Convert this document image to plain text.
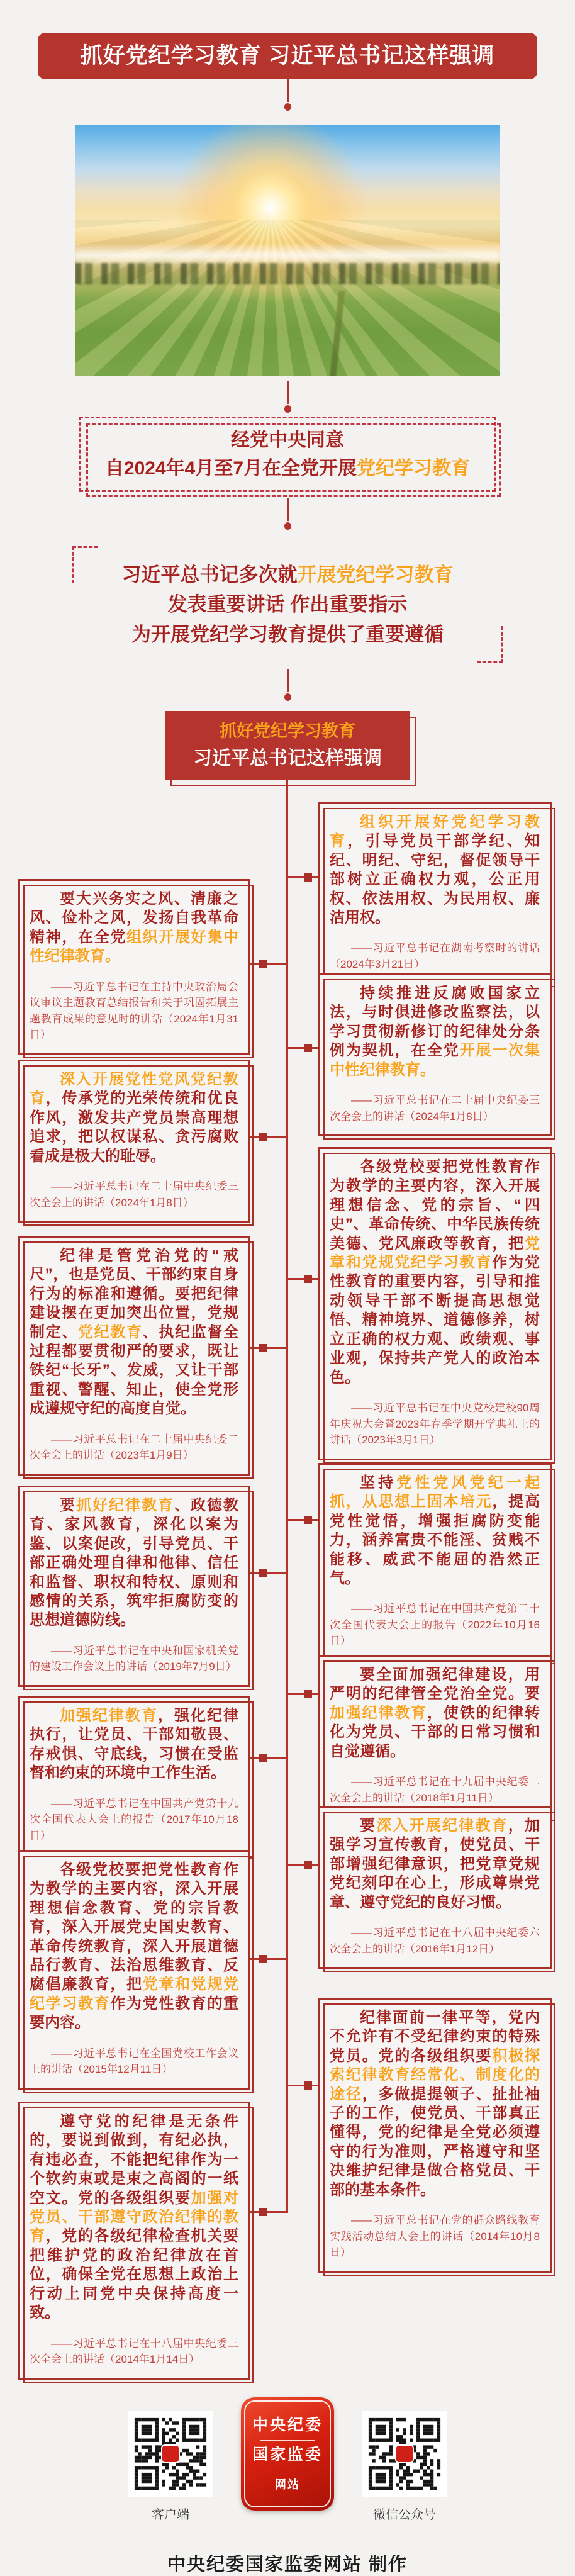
抓好党纪学习教育 习近平总书记这样强调

经党中央同意

自2024年4月至7月在全党开展党纪学习教育

习近平总书记多次就开展党纪学习教育

发表重要讲话 作出重要指示

为开展党纪学习教育提供了重要遵循

抓好党纪学习教育
习近平总书记这样强调

组织开展好党纪学习教育，引导党员干部学纪、知纪、明纪、守纪，督促领导干部树立正确权力观，公正用权、依法用权、为民用权、廉洁用权。

——习近平总书记在湖南考察时的讲话（2024年3月21日）

要大兴务实之风、清廉之风、俭朴之风，发扬自我革命精神，在全党组织开展好集中性纪律教育。

——习近平总书记在主持中央政治局会议审议主题教育总结报告和关于巩固拓展主题教育成果的意见时的讲话（2024年1月31日）

持续推进反腐败国家立法，与时俱进修改监察法，以学习贯彻新修订的纪律处分条例为契机，在全党开展一次集中性纪律教育。

——习近平总书记在二十届中央纪委三次全会上的讲话（2024年1月8日）

深入开展党性党风党纪教育，传承党的光荣传统和优良作风，激发共产党员崇高理想追求，把以权谋私、贪污腐败看成是极大的耻辱。

——习近平总书记在二十届中央纪委三次全会上的讲话（2024年1月8日）

各级党校要把党性教育作为教学的主要内容，深入开展理想信念、党的宗旨、“四史”、革命传统、中华民族传统美德、党风廉政等教育，把党章和党规党纪学习教育作为党性教育的重要内容，引导和推动领导干部不断提高思想觉悟、精神境界、道德修养，树立正确的权力观、政绩观、事业观，保持共产党人的政治本色。

——习近平总书记在中央党校建校90周年庆祝大会暨2023年春季学期开学典礼上的讲话（2023年3月1日）

纪律是管党治党的“戒尺”，也是党员、干部约束自身行为的标准和遵循。要把纪律建设摆在更加突出位置，党规制定、党纪教育、执纪监督全过程都要贯彻严的要求，既让铁纪“长牙”、发威，又让干部重视、警醒、知止，使全党形成遵规守纪的高度自觉。

——习近平总书记在二十届中央纪委二次全会上的讲话（2023年1月9日）

坚持党性党风党纪一起抓，从思想上固本培元，提高党性觉悟，增强拒腐防变能力，涵养富贵不能淫、贫贱不能移、威武不能屈的浩然正气。

——习近平总书记在中国共产党第二十次全国代表大会上的报告（2022年10月16日）

要抓好纪律教育、政德教育、家风教育，深化以案为鉴、以案促改，引导党员、干部正确处理自律和他律、信任和监督、职权和特权、原则和感情的关系，筑牢拒腐防变的思想道德防线。

——习近平总书记在中央和国家机关党的建设工作会议上的讲话（2019年7月9日）	要全面加强纪律建设，用严明的纪律管全党治全党。要加强纪律教育，使铁的纪律转化为党员、干部的日常习惯和自觉遵循。

——习近平总书记在十九届中央纪委二次全会上的讲话（2018年1月11日）

加强纪律教育，强化纪律执行，让党员、干部知敬畏、存戒惧、守底线，习惯在受监督和约束的环境中工作生活。

——习近平总书记在中国共产党第十九次全国代表大会上的报告（2017年10月18日）

要深入开展纪律教育，加强学习宣传教育，使党员、干部增强纪律意识，把党章党规党纪刻印在心上，形成尊崇党章、遵守党纪的良好习惯。

——习近平总书记在十八届中央纪委六次全会上的讲话（2016年1月12日）

各级党校要把党性教育作为教学的主要内容，深入开展理想信念教育、党的宗旨教育，深入开展党史国史教育、革命传统教育，深入开展道德品行教育、法治思维教育、反腐倡廉教育，把党章和党规党纪学习教育作为党性教育的重要内容。

——习近平总书记在全国党校工作会议上的讲话（2015年12月11日）

纪律面前一律平等，党内不允许有不受纪律约束的特殊党员。党的各级组织要积极探索纪律教育经常化、制度化的途径，多做提提领子、扯扯袖子的工作，使党员、干部真正懂得，党的纪律是全党必须遵守的行为准则，严格遵守和坚决维护纪律是做合格党员、干部的基本条件。

——习近平总书记在党的群众路线教育实践活动总结大会上的讲话（2014年10月8日）

遵守党的纪律是无条件的，要说到做到，有纪必执，有违必查，不能把纪律作为一个软约束或是束之高阁的一纸空文。党的各级组织要加强对党员、干部遵守政治纪律的教育，党的各级纪律检查机关要把维护党的政治纪律放在首位，确保全党在思想上政治上行动上同党中央保持高度一致。

——习近平总书记在十八届中央纪委三次全会上的讲话（2014年1月14日）

客户端
中央纪委
国家监委
网站
微信公众号
中央纪委国家监委网站 制作
